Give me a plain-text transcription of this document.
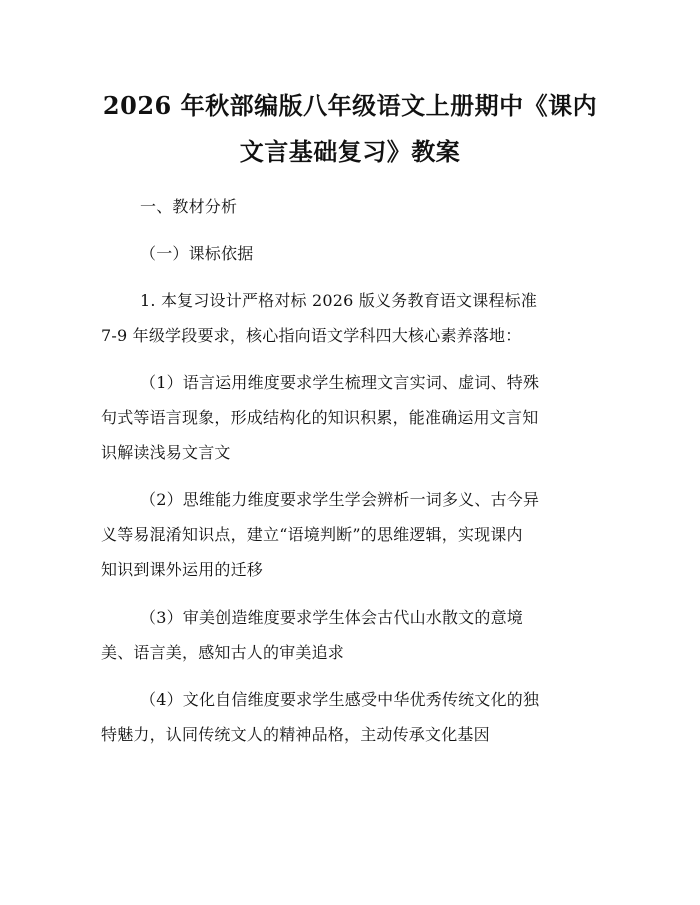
2026 年秋部编版八年级语文上册期中《课内
文言基础复习》教案
一、教材分析
（一）课标依据
1. 本复习设计严格对标 2026 版义务教育语文课程标准
7-9 年级学段要求，核心指向语文学科四大核心素养落地：
（1）语言运用维度要求学生梳理文言实词、虚词、特殊
句式等语言现象，形成结构化的知识积累，能准确运用文言知
识解读浅易文言文
（2）思维能力维度要求学生学会辨析一词多义、古今异
义等易混淆知识点，建立“语境判断”的思维逻辑，实现课内
知识到课外运用的迁移
（3）审美创造维度要求学生体会古代山水散文的意境
美、语言美，感知古人的审美追求
（4）文化自信维度要求学生感受中华优秀传统文化的独
特魅力，认同传统文人的精神品格，主动传承文化基因
